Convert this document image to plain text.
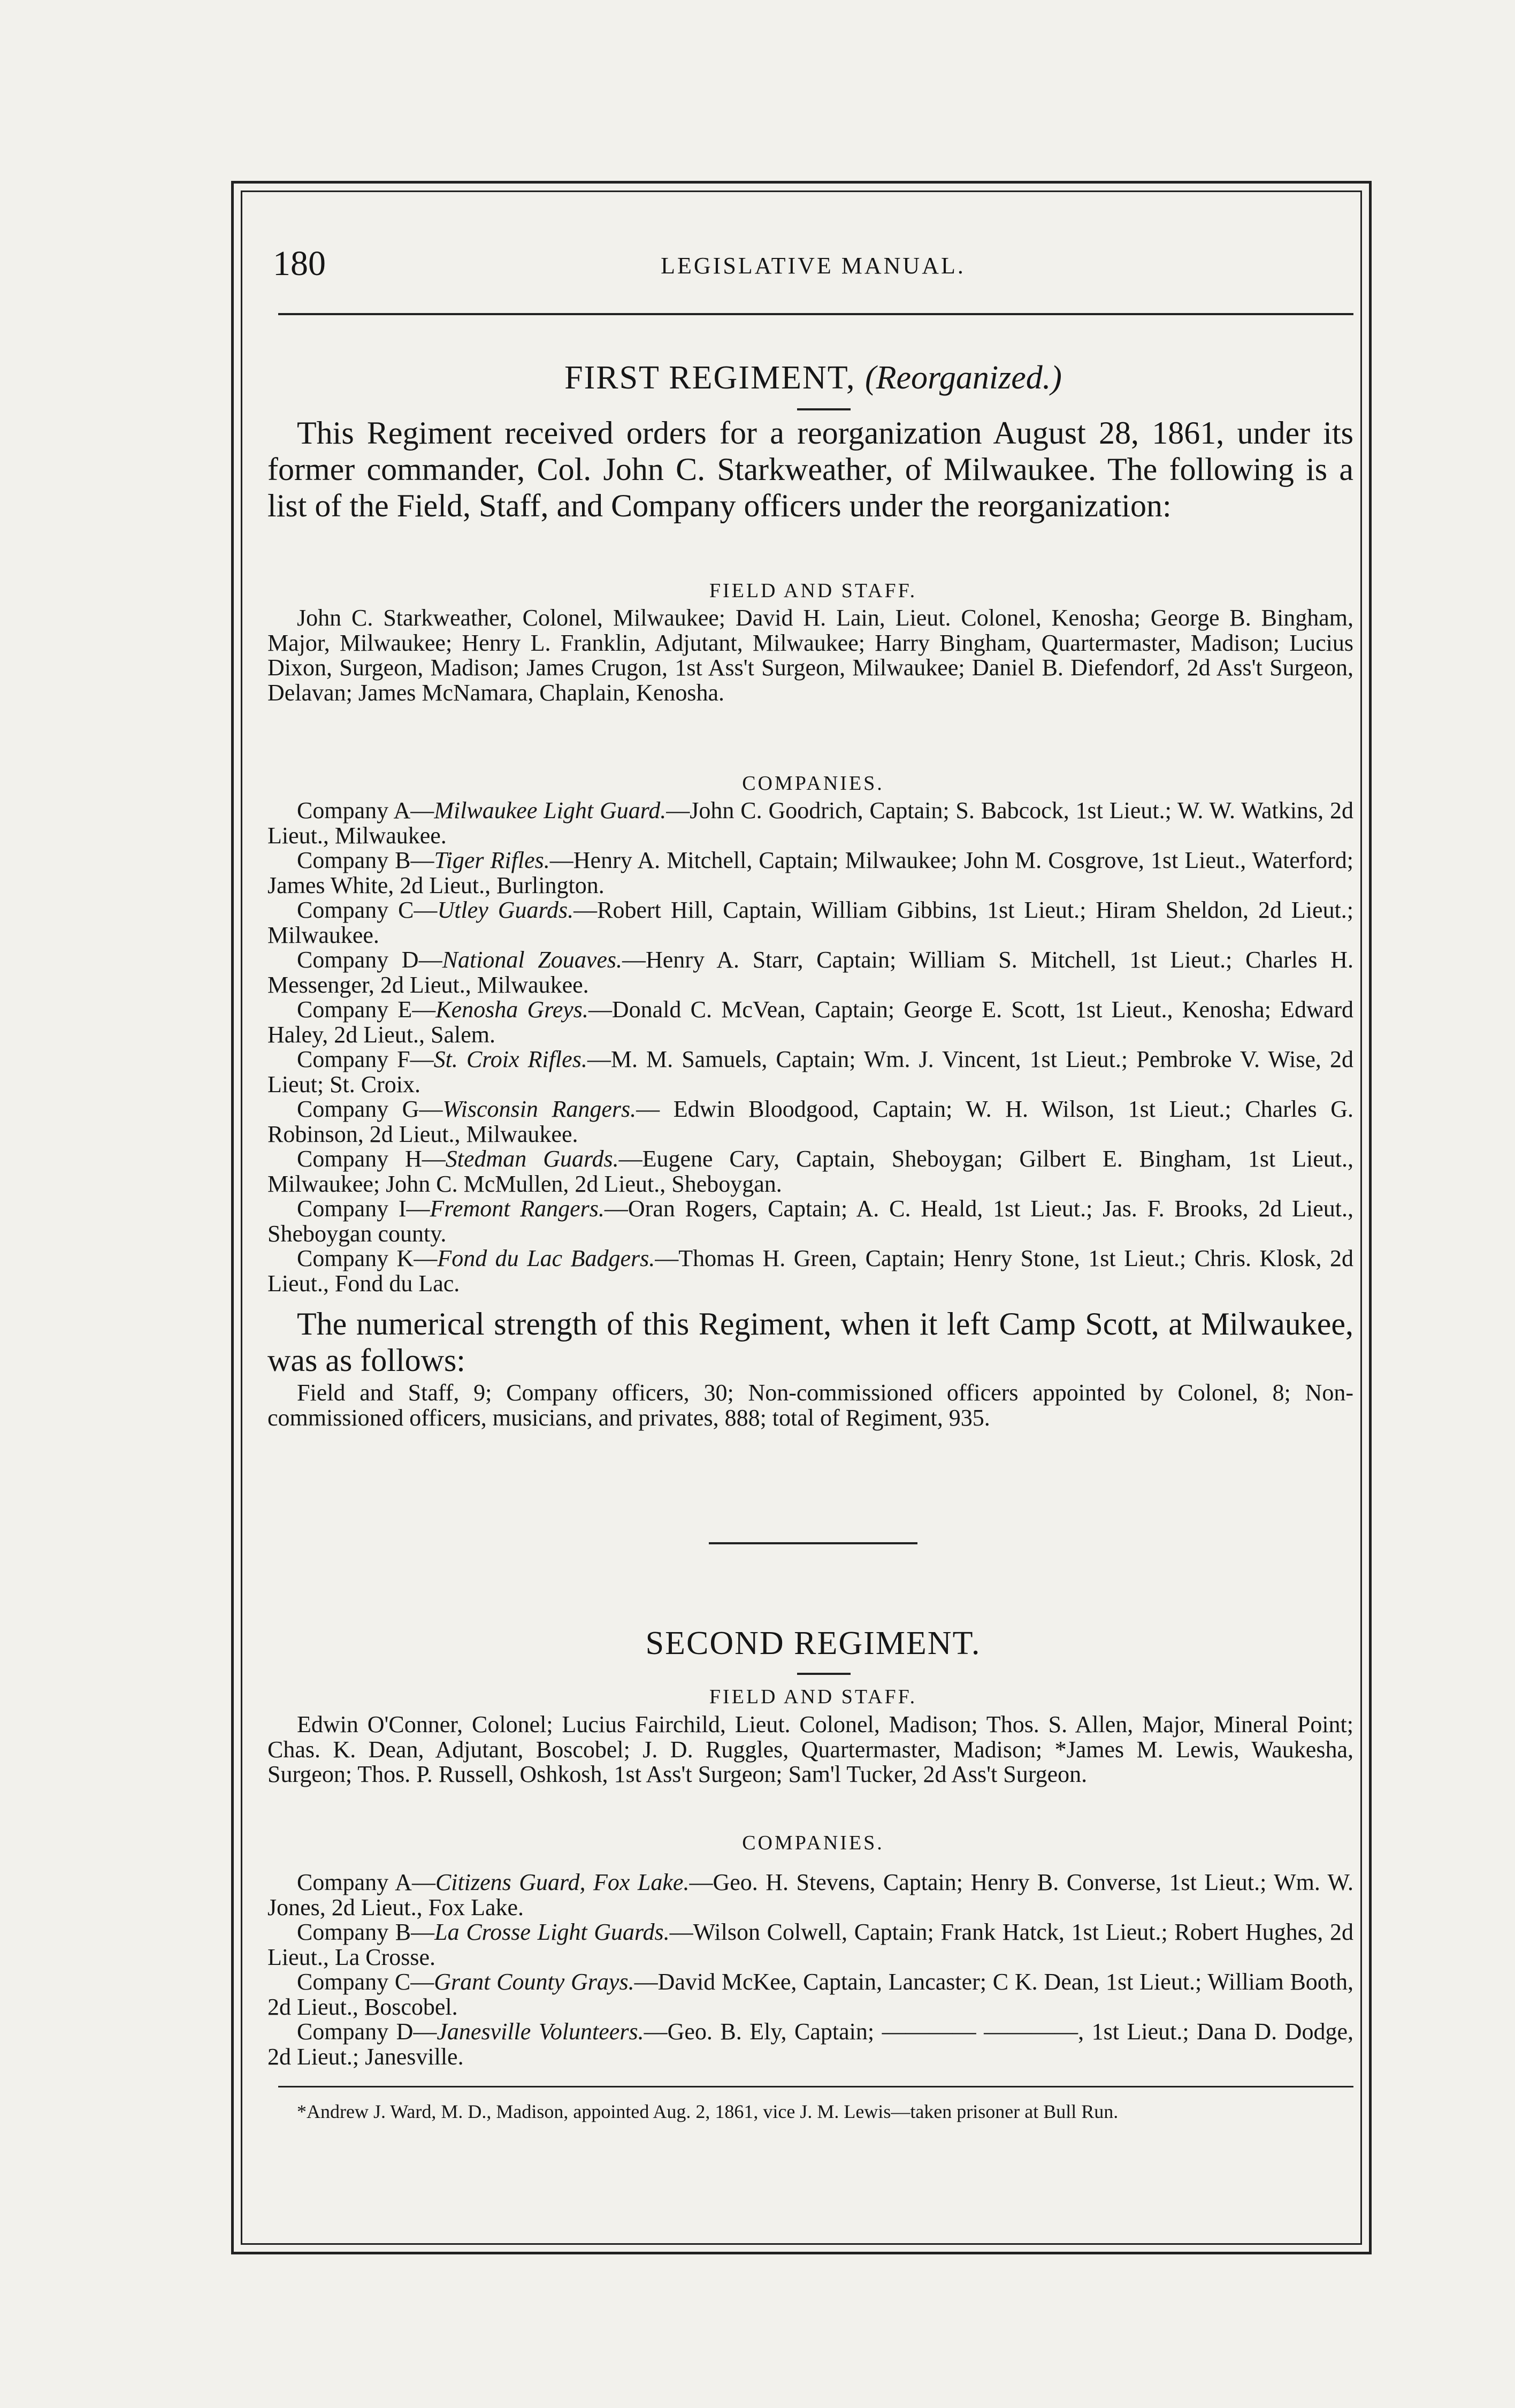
180	LEGISLATIVE MANUAL.
FIRST REGIMENT, (Reorganized.)

This Regiment received orders for a reorganization August 28, 1861, under its former commander, Col. John C. Starkweather, of Milwaukee. The following is a list of the Field, Staff, and Company officers under the reorganization:

FIELD AND STAFF.

John C. Starkweather, Colonel, Milwaukee; David H. Lain, Lieut. Colonel, Kenosha; George B. Bingham, Major, Milwaukee; Henry L. Franklin, Adjutant, Milwaukee; Harry Bingham, Quartermaster, Madison; Lucius Dixon, Surgeon, Madison; James Crugon, 1st Ass't Surgeon, Milwaukee; Daniel B. Diefendorf, 2d Ass't Surgeon, Delavan; James McNamara, Chaplain, Kenosha.

COMPANIES.

Company A—Milwaukee Light Guard.—John C. Goodrich, Captain; S. Babcock, 1st Lieut.; W. W. Watkins, 2d Lieut., Milwaukee.

Company B—Tiger Rifles.—Henry A. Mitchell, Captain; Milwaukee; John M. Cosgrove, 1st Lieut., Waterford; James White, 2d Lieut., Burlington.

Company C—Utley Guards.—Robert Hill, Captain, William Gibbins, 1st Lieut.; Hiram Sheldon, 2d Lieut.; Milwaukee.

Company D—National Zouaves.—Henry A. Starr, Captain; William S. Mitchell, 1st Lieut.; Charles H. Messenger, 2d Lieut., Milwaukee.

Company E—Kenosha Greys.—Donald C. McVean, Captain; George E. Scott, 1st Lieut., Kenosha; Edward Haley, 2d Lieut., Salem.

Company F—St. Croix Rifles.—M. M. Samuels, Captain; Wm. J. Vincent, 1st Lieut.; Pembroke V. Wise, 2d Lieut; St. Croix.

Company G—Wisconsin Rangers.— Edwin Bloodgood, Captain; W. H. Wilson, 1st Lieut.; Charles G. Robinson, 2d Lieut., Milwaukee.

Company H—Stedman Guards.—Eugene Cary, Captain, Sheboygan; Gilbert E. Bingham, 1st Lieut., Milwaukee; John C. McMullen, 2d Lieut., Sheboygan.

Company I—Fremont Rangers.—Oran Rogers, Captain; A. C. Heald, 1st Lieut.; Jas. F. Brooks, 2d Lieut., Sheboygan county.

Company K—Fond du Lac Badgers.—Thomas H. Green, Captain; Henry Stone, 1st Lieut.; Chris. Klosk, 2d Lieut., Fond du Lac.

The numerical strength of this Regiment, when it left Camp Scott, at Milwaukee, was as follows:

Field and Staff, 9; Company officers, 30; Non-commissioned officers appointed by Colonel, 8; Non-commissioned officers, musicians, and privates, 888; total of Regiment, 935.

SECOND REGIMENT.
FIELD AND STAFF.

Edwin O'Conner, Colonel; Lucius Fairchild, Lieut. Colonel, Madison; Thos. S. Allen, Major, Mineral Point; Chas. K. Dean, Adjutant, Boscobel; J. D. Ruggles, Quartermaster, Madison; *James M. Lewis, Waukesha, Surgeon; Thos. P. Russell, Oshkosh, 1st Ass't Surgeon; Sam'l Tucker, 2d Ass't Surgeon.

COMPANIES.

Company A—Citizens Guard, Fox Lake.—Geo. H. Stevens, Captain; Henry B. Converse, 1st Lieut.; Wm. W. Jones, 2d Lieut., Fox Lake.

Company B—La Crosse Light Guards.—Wilson Colwell, Captain; Frank Hatck, 1st Lieut.; Robert Hughes, 2d Lieut., La Crosse.

Company C—Grant County Grays.—David McKee, Captain, Lancaster; C K. Dean, 1st Lieut.; William Booth, 2d Lieut., Boscobel.

Company D—Janesville Volunteers.—Geo. B. Ely, Captain; ———— ————, 1st Lieut.; Dana D. Dodge, 2d Lieut.; Janesville.

*Andrew J. Ward, M. D., Madison, appointed Aug. 2, 1861, vice J. M. Lewis—taken prisoner at Bull Run.
